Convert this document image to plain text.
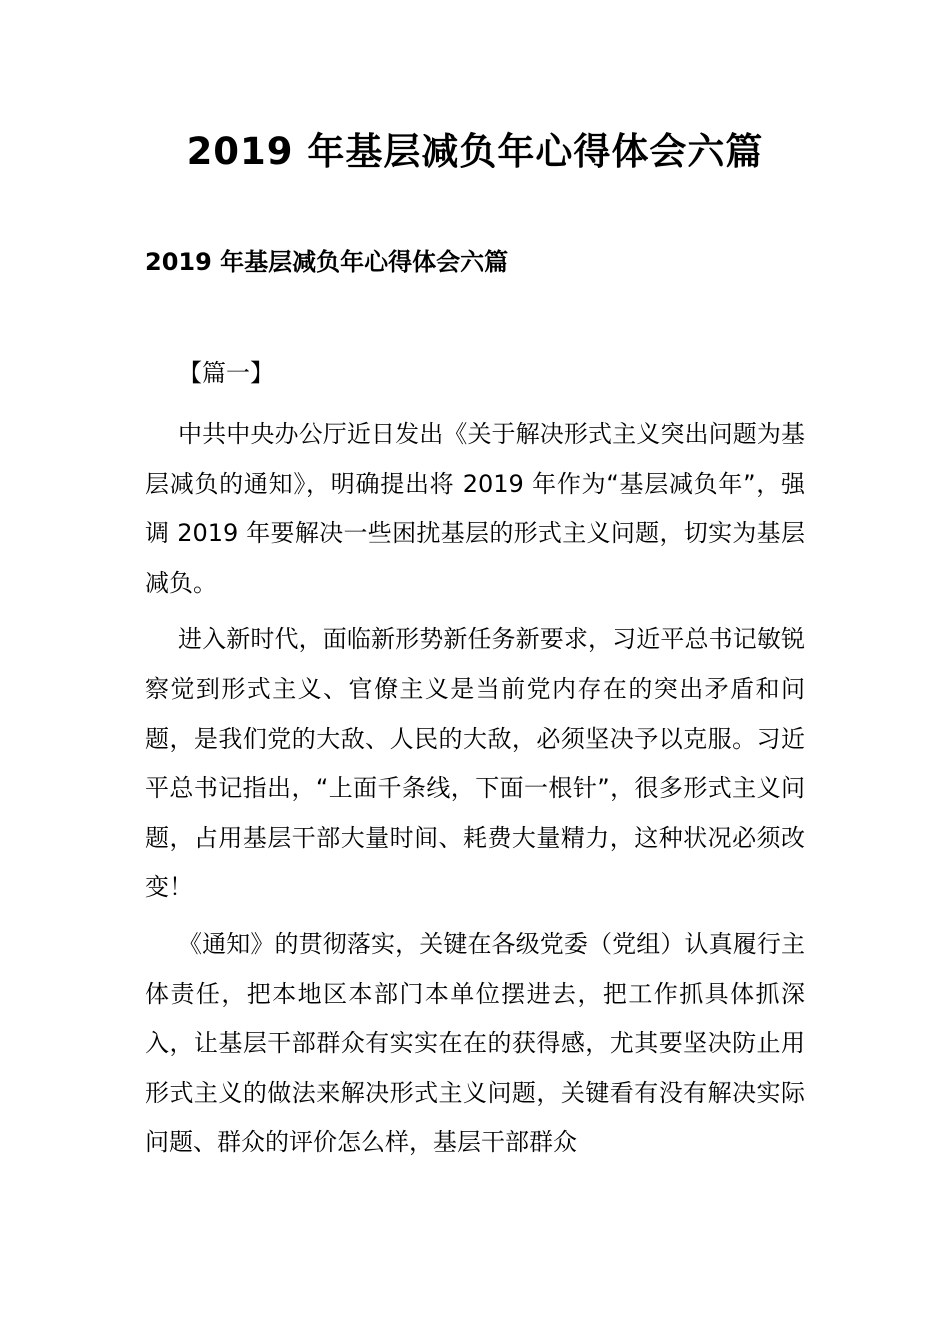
2019 年基层减负年心得体会六篇
2019 年基层减负年心得体会六篇

【篇一】

中共中央办公厅近日发出《关于解决形式主义突出问题为基层减负的通知》，明确提出将 2019 年作为“基层减负年”，强调 2019 年要解决一些困扰基层的形式主义问题，切实为基层减负。

进入新时代，面临新形势新任务新要求，习近平总书记敏锐察觉到形式主义、官僚主义是当前党内存在的突出矛盾和问题，是我们党的大敌、人民的大敌，必须坚决予以克服。习近平总书记指出，“上面千条线，下面一根针”，很多形式主义问题，占用基层干部大量时间、耗费大量精力，这种状况必须改变！

《通知》的贯彻落实，关键在各级党委（党组）认真履行主体责任，把本地区本部门本单位摆进去，把工作抓具体抓深入，让基层干部群众有实实在在的获得感，尤其要坚决防止用形式主义的做法来解决形式主义问题，关键看有没有解决实际问题、群众的评价怎么样，基层干部群众
